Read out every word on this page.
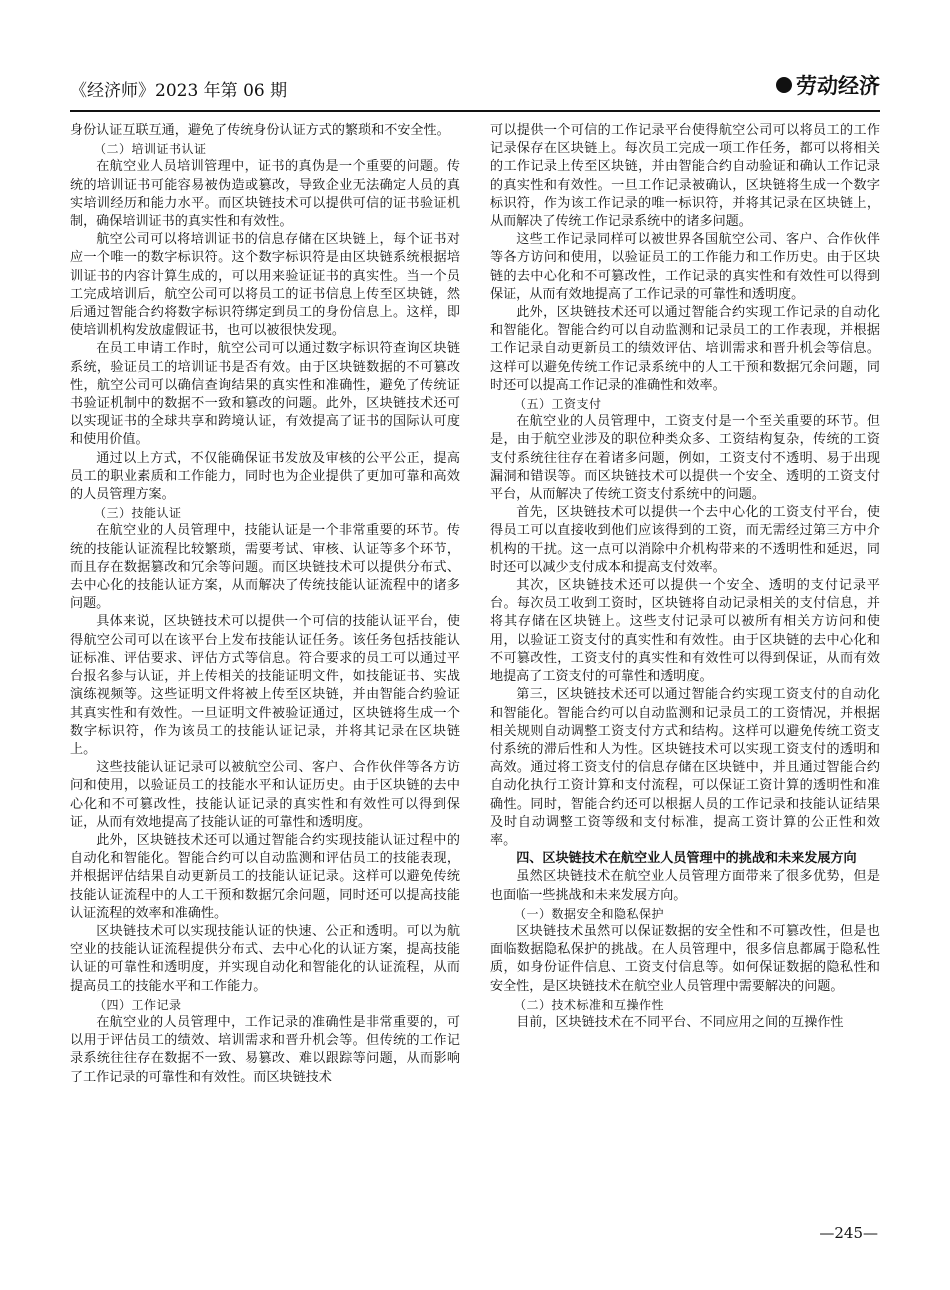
《经济师》2023 年第 06 期	劳动经济

身份认证互联互通，避免了传统身份认证方式的繁琐和不安全性。

（二）培训证书认证

在航空业人员培训管理中，证书的真伪是一个重要的问题。传统的培训证书可能容易被伪造或篡改，导致企业无法确定人员的真实培训经历和能力水平。而区块链技术可以提供可信的证书验证机制，确保培训证书的真实性和有效性。

航空公司可以将培训证书的信息存储在区块链上，每个证书对应一个唯一的数字标识符。这个数字标识符是由区块链系统根据培训证书的内容计算生成的，可以用来验证证书的真实性。当一个员工完成培训后，航空公司可以将员工的证书信息上传至区块链，然后通过智能合约将数字标识符绑定到员工的身份信息上。这样，即使培训机构发放虚假证书，也可以被很快发现。

在员工申请工作时，航空公司可以通过数字标识符查询区块链系统，验证员工的培训证书是否有效。由于区块链数据的不可篡改性，航空公司可以确信查询结果的真实性和准确性，避免了传统证书验证机制中的数据不一致和篡改的问题。此外，区块链技术还可以实现证书的全球共享和跨境认证，有效提高了证书的国际认可度和使用价值。

通过以上方式，不仅能确保证书发放及审核的公平公正，提高员工的职业素质和工作能力，同时也为企业提供了更加可靠和高效的人员管理方案。

（三）技能认证

在航空业的人员管理中，技能认证是一个非常重要的环节。传统的技能认证流程比较繁琐，需要考试、审核、认证等多个环节，而且存在数据篡改和冗余等问题。而区块链技术可以提供分布式、去中心化的技能认证方案，从而解决了传统技能认证流程中的诸多问题。

具体来说，区块链技术可以提供一个可信的技能认证平台，使得航空公司可以在该平台上发布技能认证任务。该任务包括技能认证标准、评估要求、评估方式等信息。符合要求的员工可以通过平台报名参与认证，并上传相关的技能证明文件，如技能证书、实战演练视频等。这些证明文件将被上传至区块链，并由智能合约验证其真实性和有效性。一旦证明文件被验证通过，区块链将生成一个数字标识符，作为该员工的技能认证记录，并将其记录在区块链上。

这些技能认证记录可以被航空公司、客户、合作伙伴等各方访问和使用，以验证员工的技能水平和认证历史。由于区块链的去中心化和不可篡改性，技能认证记录的真实性和有效性可以得到保证，从而有效地提高了技能认证的可靠性和透明度。

此外，区块链技术还可以通过智能合约实现技能认证过程中的自动化和智能化。智能合约可以自动监测和评估员工的技能表现，并根据评估结果自动更新员工的技能认证记录。这样可以避免传统技能认证流程中的人工干预和数据冗余问题，同时还可以提高技能认证流程的效率和准确性。

区块链技术可以实现技能认证的快速、公正和透明。可以为航空业的技能认证流程提供分布式、去中心化的认证方案，提高技能认证的可靠性和透明度，并实现自动化和智能化的认证流程，从而提高员工的技能水平和工作能力。

（四）工作记录

在航空业的人员管理中，工作记录的准确性是非常重要的，可以用于评估员工的绩效、培训需求和晋升机会等。但传统的工作记录系统往往存在数据不一致、易篡改、难以跟踪等问题，从而影响了工作记录的可靠性和有效性。而区块链技术

可以提供一个可信的工作记录平台使得航空公司可以将员工的工作记录保存在区块链上。每次员工完成一项工作任务，都可以将相关的工作记录上传至区块链，并由智能合约自动验证和确认工作记录的真实性和有效性。一旦工作记录被确认，区块链将生成一个数字标识符，作为该工作记录的唯一标识符，并将其记录在区块链上，从而解决了传统工作记录系统中的诸多问题。

这些工作记录同样可以被世界各国航空公司、客户、合作伙伴等各方访问和使用，以验证员工的工作能力和工作历史。由于区块链的去中心化和不可篡改性，工作记录的真实性和有效性可以得到保证，从而有效地提高了工作记录的可靠性和透明度。

此外，区块链技术还可以通过智能合约实现工作记录的自动化和智能化。智能合约可以自动监测和记录员工的工作表现，并根据工作记录自动更新员工的绩效评估、培训需求和晋升机会等信息。这样可以避免传统工作记录系统中的人工干预和数据冗余问题，同时还可以提高工作记录的准确性和效率。

（五）工资支付

在航空业的人员管理中，工资支付是一个至关重要的环节。但是，由于航空业涉及的职位种类众多、工资结构复杂，传统的工资支付系统往往存在着诸多问题，例如，工资支付不透明、易于出现漏洞和错误等。而区块链技术可以提供一个安全、透明的工资支付平台，从而解决了传统工资支付系统中的问题。

首先，区块链技术可以提供一个去中心化的工资支付平台，使得员工可以直接收到他们应该得到的工资，而无需经过第三方中介机构的干扰。这一点可以消除中介机构带来的不透明性和延迟，同时还可以减少支付成本和提高支付效率。

其次，区块链技术还可以提供一个安全、透明的支付记录平台。每次员工收到工资时，区块链将自动记录相关的支付信息，并将其存储在区块链上。这些支付记录可以被所有相关方访问和使用，以验证工资支付的真实性和有效性。由于区块链的去中心化和不可篡改性，工资支付的真实性和有效性可以得到保证，从而有效地提高了工资支付的可靠性和透明度。

第三，区块链技术还可以通过智能合约实现工资支付的自动化和智能化。智能合约可以自动监测和记录员工的工资情况，并根据相关规则自动调整工资支付方式和结构。这样可以避免传统工资支付系统的滞后性和人为性。区块链技术可以实现工资支付的透明和高效。通过将工资支付的信息存储在区块链中，并且通过智能合约自动化执行工资计算和支付流程，可以保证工资计算的透明性和准确性。同时，智能合约还可以根据人员的工作记录和技能认证结果及时自动调整工资等级和支付标准，提高工资计算的公正性和效率。

四、区块链技术在航空业人员管理中的挑战和未来发展方向

虽然区块链技术在航空业人员管理方面带来了很多优势，但是也面临一些挑战和未来发展方向。

（一）数据安全和隐私保护

区块链技术虽然可以保证数据的安全性和不可篡改性，但是也面临数据隐私保护的挑战。在人员管理中，很多信息都属于隐私性质，如身份证件信息、工资支付信息等。如何保证数据的隐私性和安全性，是区块链技术在航空业人员管理中需要解决的问题。

（二）技术标准和互操作性

目前，区块链技术在不同平台、不同应用之间的互操作性

—245—
